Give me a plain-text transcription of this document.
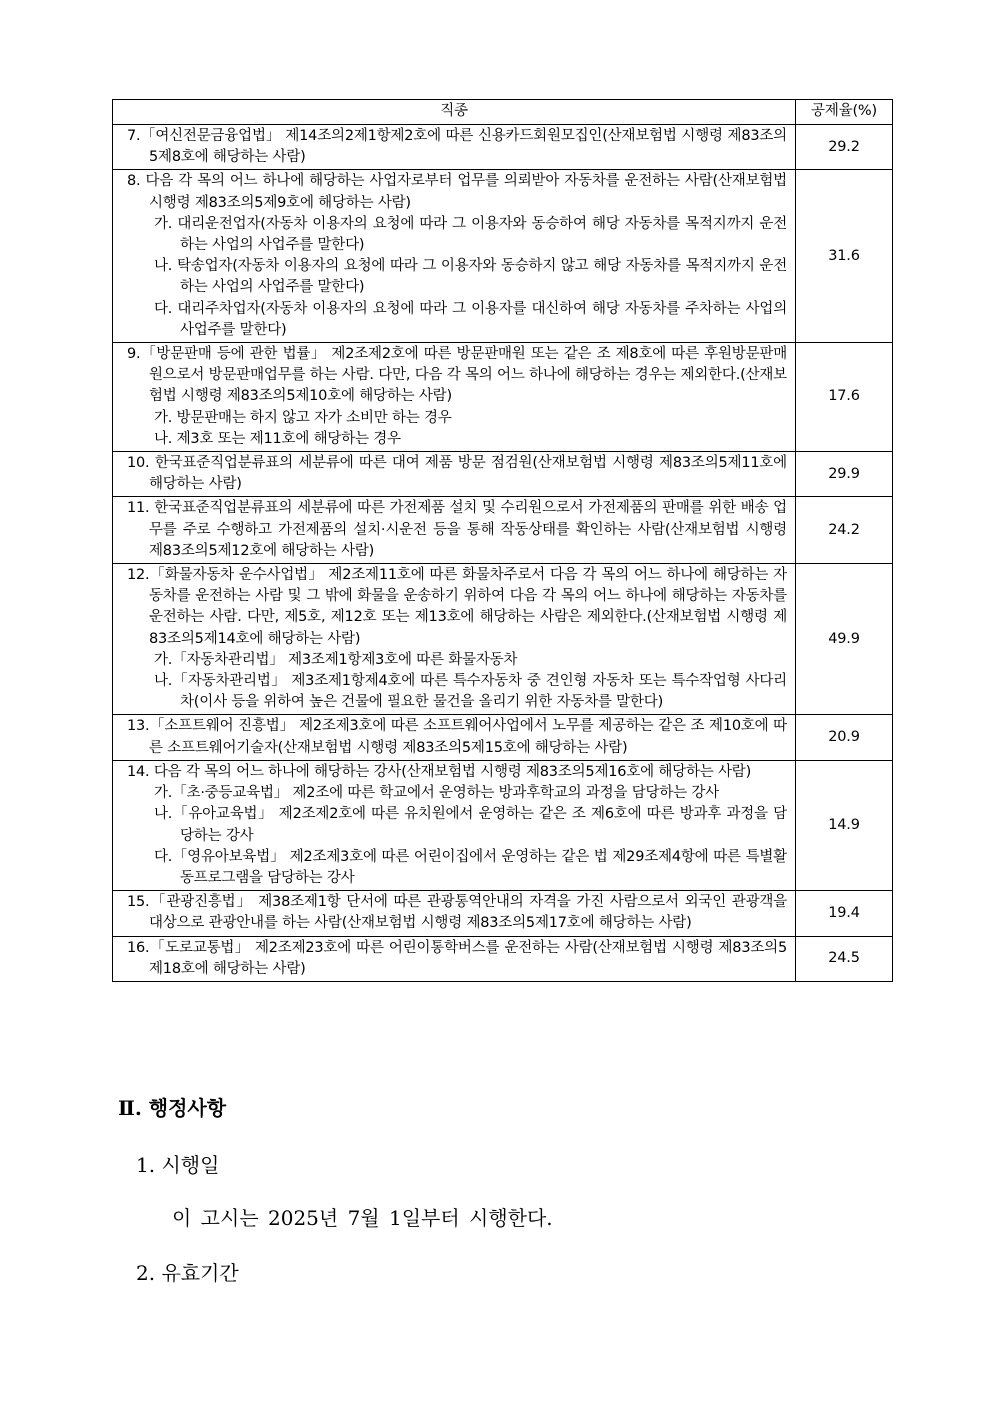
직종	공제율(%)

7.「여신전문금융업법」 제14조의2제1항제2호에 따른 신용카드회원모집인(산재보험법 시행령 제83조의5제8호에 해당하는 사람)	29.2

8. 다음 각 목의 어느 하나에 해당하는 사업자로부터 업무를 의뢰받아 자동차를 운전하는 사람(산재보험법 시행령 제83조의5제9호에 해당하는 사람)
가. 대리운전업자(자동차 이용자의 요청에 따라 그 이용자와 동승하여 해당 자동차를 목적지까지 운전하는 사업의 사업주를 말한다)
나. 탁송업자(자동차 이용자의 요청에 따라 그 이용자와 동승하지 않고 해당 자동차를 목적지까지 운전하는 사업의 사업주를 말한다)
다. 대리주차업자(자동차 이용자의 요청에 따라 그 이용자를 대신하여 해당 자동차를 주차하는 사업의 사업주를 말한다)	31.6

9.「방문판매 등에 관한 법률」 제2조제2호에 따른 방문판매원 또는 같은 조 제8호에 따른 후원방문판매원으로서 방문판매업무를 하는 사람. 다만, 다음 각 목의 어느 하나에 해당하는 경우는 제외한다.(산재보험법 시행령 제83조의5제10호에 해당하는 사람)
가. 방문판매는 하지 않고 자가 소비만 하는 경우
나. 제3호 또는 제11호에 해당하는 경우	17.6

10. 한국표준직업분류표의 세분류에 따른 대여 제품 방문 점검원(산재보험법 시행령 제83조의5제11호에 해당하는 사람)	29.9

11. 한국표준직업분류표의 세분류에 따른 가전제품 설치 및 수리원으로서 가전제품의 판매를 위한 배송 업무를 주로 수행하고 가전제품의 설치·시운전 등을 통해 작동상태를 확인하는 사람(산재보험법 시행령 제83조의5제12호에 해당하는 사람)	24.2

12.「화물자동차 운수사업법」 제2조제11호에 따른 화물차주로서 다음 각 목의 어느 하나에 해당하는 자동차를 운전하는 사람 및 그 밖에 화물을 운송하기 위하여 다음 각 목의 어느 하나에 해당하는 자동차를 운전하는 사람. 다만, 제5호, 제12호 또는 제13호에 해당하는 사람은 제외한다.(산재보험법 시행령 제83조의5제14호에 해당하는 사람)
가.「자동차관리법」 제3조제1항제3호에 따른 화물자동차
나.「자동차관리법」 제3조제1항제4호에 따른 특수자동차 중 견인형 자동차 또는 특수작업형 사다리차(이사 등을 위하여 높은 건물에 필요한 물건을 올리기 위한 자동차를 말한다)	49.9

13.「소프트웨어 진흥법」 제2조제3호에 따른 소프트웨어사업에서 노무를 제공하는 같은 조 제10호에 따른 소프트웨어기술자(산재보험법 시행령 제83조의5제15호에 해당하는 사람)	20.9

14. 다음 각 목의 어느 하나에 해당하는 강사(산재보험법 시행령 제83조의5제16호에 해당하는 사람)
가.「초·중등교육법」 제2조에 따른 학교에서 운영하는 방과후학교의 과정을 담당하는 강사
나.「유아교육법」 제2조제2호에 따른 유치원에서 운영하는 같은 조 제6호에 따른 방과후 과정을 담당하는 강사
다.「영유아보육법」 제2조제3호에 따른 어린이집에서 운영하는 같은 법 제29조제4항에 따른 특별활동프로그램을 담당하는 강사	14.9

15.「관광진흥법」 제38조제1항 단서에 따른 관광통역안내의 자격을 가진 사람으로서 외국인 관광객을 대상으로 관광안내를 하는 사람(산재보험법 시행령 제83조의5제17호에 해당하는 사람)	19.4

16.「도로교통법」 제2조제23호에 따른 어린이통학버스를 운전하는 사람(산재보험법 시행령 제83조의5제18호에 해당하는 사람)	24.5
Ⅱ. 행정사항

1. 시행일

이 고시는 2025년 7월 1일부터 시행한다.

2. 유효기간
